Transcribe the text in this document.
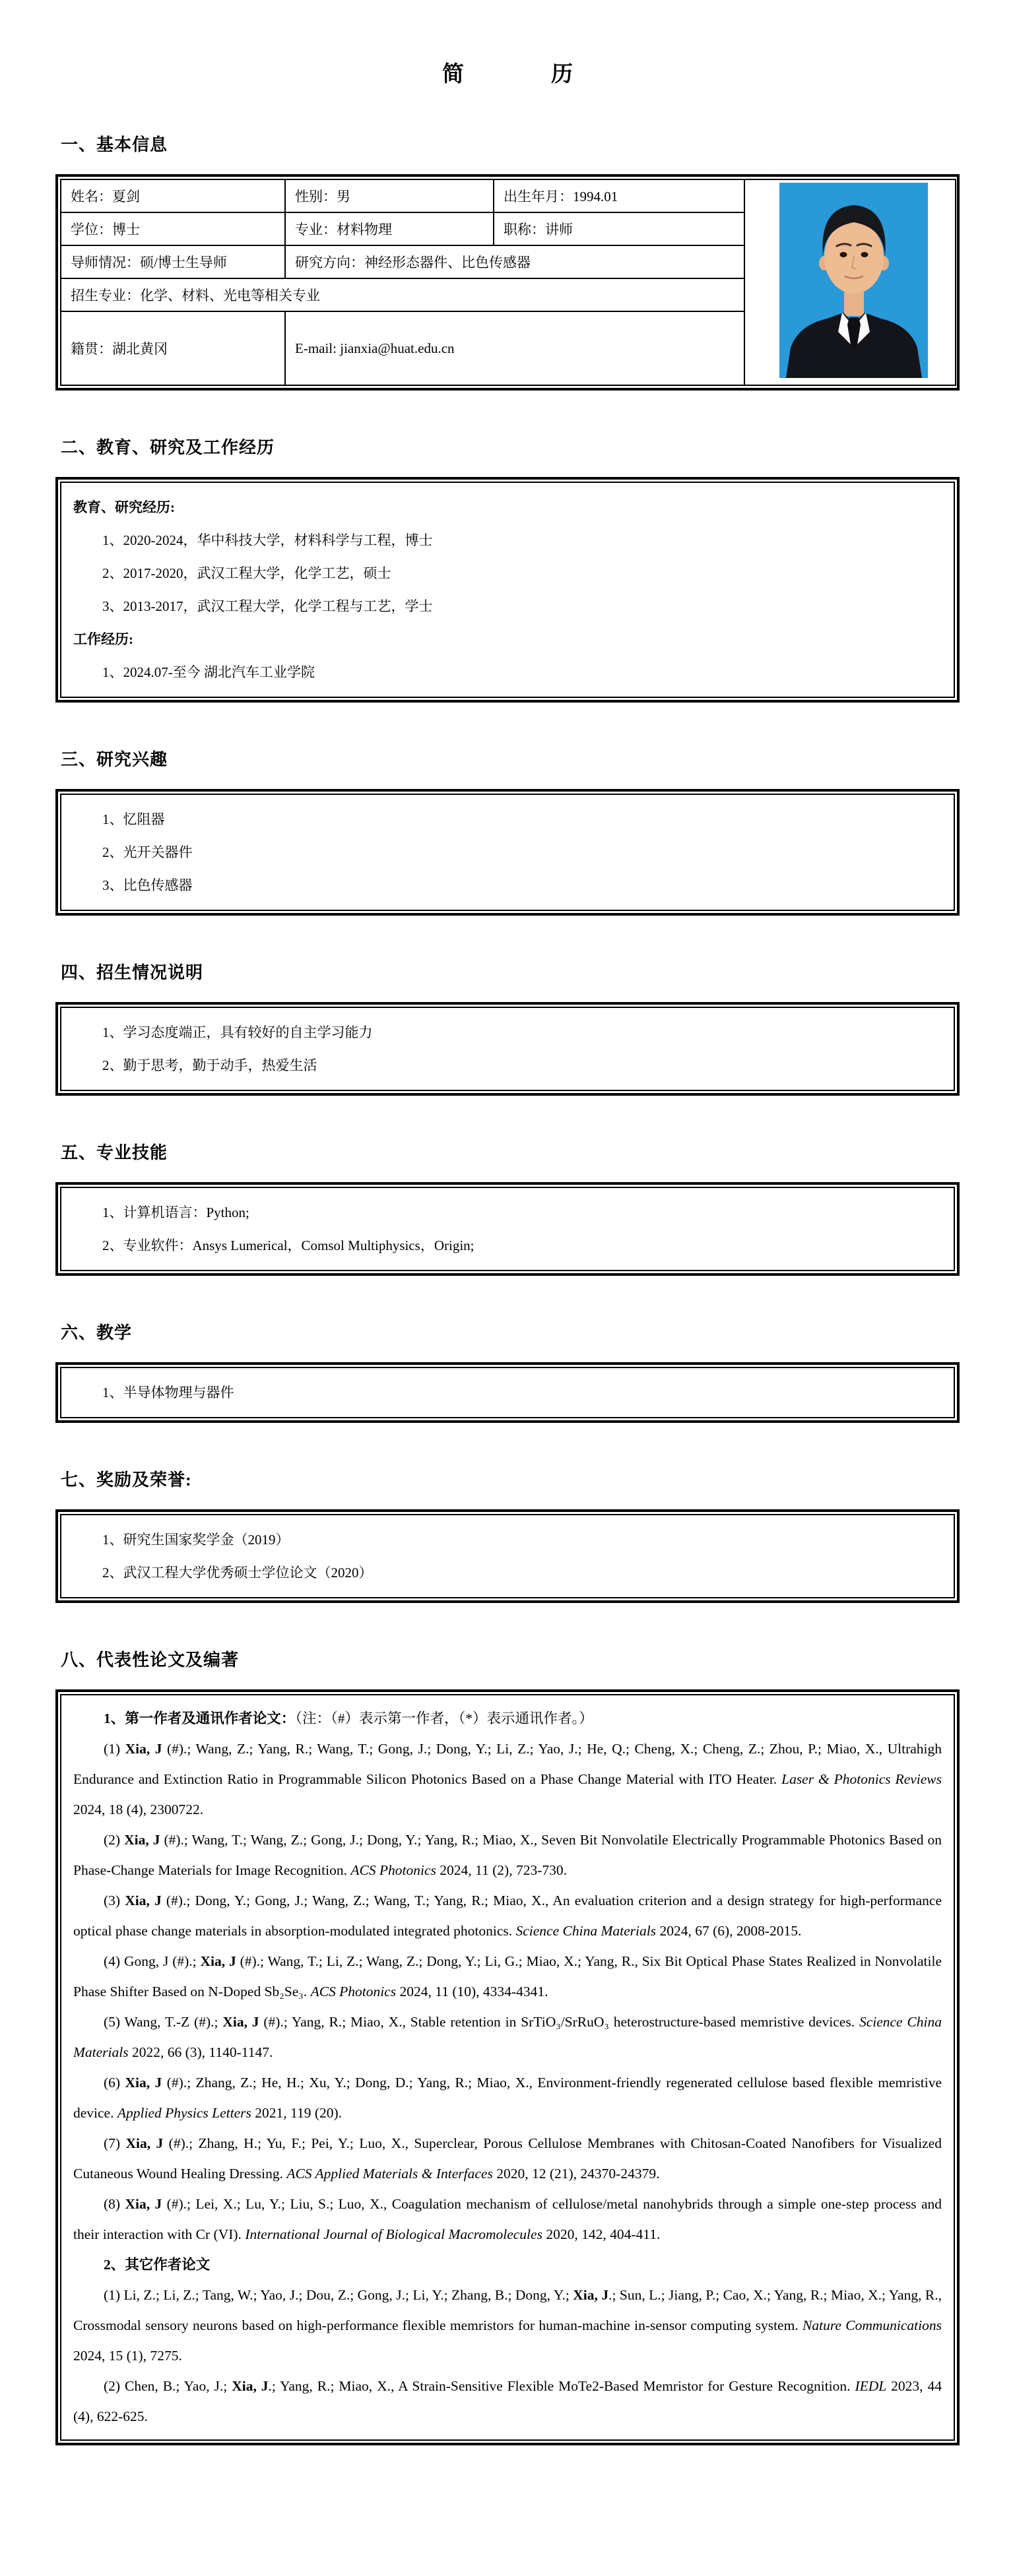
简　　　　历
一、基本信息
姓名：夏剑	性别：男	出生年月：1994.01	
学位：博士	专业：材料物理	职称：讲师	
导师情况：硕/博士生导师	研究方向：神经形态器件、比色传感器		
招生专业：化学、材料、光电等相关专业			
籍贯：湖北黄冈	E-mail: jianxia@huat.edu.cn		
二、教育、研究及工作经历
教育、研究经历:
1、2020-2024，华中科技大学，材料科学与工程，博士
2、2017-2020，武汉工程大学，化学工艺，硕士
3、2013-2017，武汉工程大学，化学工程与工艺，学士
工作经历:
1、2024.07-至今 湖北汽车工业学院
三、研究兴趣
1、忆阻器
2、光开关器件
3、比色传感器
四、招生情况说明
1、学习态度端正，具有较好的自主学习能力
2、勤于思考，勤于动手，热爱生活
五、专业技能
1、计算机语言：Python;
2、专业软件：Ansys Lumerical，Comsol Multiphysics，Origin;
六、教学
1、半导体物理与器件
七、奖励及荣誉:
1、研究生国家奖学金（2019）
2、武汉工程大学优秀硕士学位论文（2020）
八、代表性论文及编著
1、第一作者及通讯作者论文：（注：（#）表示第一作者，（*）表示通讯作者。）
(1) Xia, J (#).; Wang, Z.; Yang, R.; Wang, T.; Gong, J.; Dong, Y.; Li, Z.; Yao, J.; He, Q.; Cheng, X.; Cheng, Z.; Zhou, P.; Miao, X., Ultrahigh Endurance and Extinction Ratio in Programmable Silicon Photonics Based on a Phase Change Material with ITO Heater. Laser & Photonics Reviews 2024, 18 (4), 2300722.
(2) Xia, J (#).; Wang, T.; Wang, Z.; Gong, J.; Dong, Y.; Yang, R.; Miao, X., Seven Bit Nonvolatile Electrically Programmable Photonics Based on Phase-Change Materials for Image Recognition. ACS Photonics 2024, 11 (2), 723-730.
(3) Xia, J (#).; Dong, Y.; Gong, J.; Wang, Z.; Wang, T.; Yang, R.; Miao, X., An evaluation criterion and a design strategy for high-performance optical phase change materials in absorption-modulated integrated photonics. Science China Materials 2024, 67 (6), 2008-2015.
(4) Gong, J (#).; Xia, J (#).; Wang, T.; Li, Z.; Wang, Z.; Dong, Y.; Li, G.; Miao, X.; Yang, R., Six Bit Optical Phase States Realized in Nonvolatile Phase Shifter Based on N-Doped Sb₂Se₃. ACS Photonics 2024, 11 (10), 4334-4341.
(5) Wang, T.-Z (#).; Xia, J (#).; Yang, R.; Miao, X., Stable retention in SrTiO₃/SrRuO₃ heterostructure-based memristive devices. Science China Materials 2022, 66 (3), 1140-1147.
(6) Xia, J (#).; Zhang, Z.; He, H.; Xu, Y.; Dong, D.; Yang, R.; Miao, X., Environment-friendly regenerated cellulose based flexible memristive device. Applied Physics Letters 2021, 119 (20).
(7) Xia, J (#).; Zhang, H.; Yu, F.; Pei, Y.; Luo, X., Superclear, Porous Cellulose Membranes with Chitosan-Coated Nanofibers for Visualized Cutaneous Wound Healing Dressing. ACS Applied Materials & Interfaces 2020, 12 (21), 24370-24379.
(8) Xia, J (#).; Lei, X.; Lu, Y.; Liu, S.; Luo, X., Coagulation mechanism of cellulose/metal nanohybrids through a simple one-step process and their interaction with Cr (VI). International Journal of Biological Macromolecules 2020, 142, 404-411.
2、其它作者论文
(1) Li, Z.; Li, Z.; Tang, W.; Yao, J.; Dou, Z.; Gong, J.; Li, Y.; Zhang, B.; Dong, Y.; Xia, J.; Sun, L.; Jiang, P.; Cao, X.; Yang, R.; Miao, X.; Yang, R., Crossmodal sensory neurons based on high-performance flexible memristors for human-machine in-sensor computing system. Nature Communications 2024, 15 (1), 7275.
(2) Chen, B.; Yao, J.; Xia, J.; Yang, R.; Miao, X., A Strain-Sensitive Flexible MoTe2-Based Memristor for Gesture Recognition. IEDL 2023, 44 (4), 622-625.
